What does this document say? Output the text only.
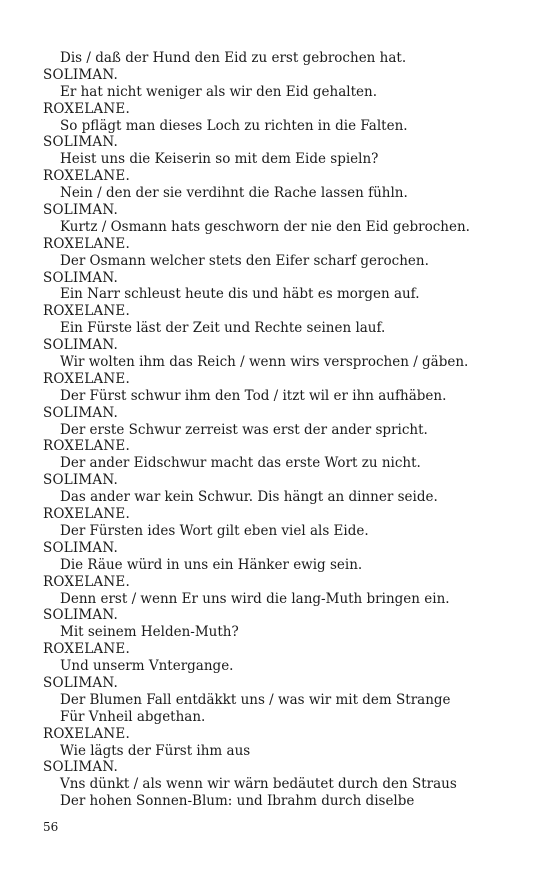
Dis / daß der Hund den Eid zu erst gebrochen hat.
SOLIMAN.
Er hat nicht weniger als wir den Eid gehalten.
ROXELANE.
So pflägt man dieses Loch zu richten in die Falten.
SOLIMAN.
Heist uns die Keiserin so mit dem Eide spieln?
ROXELANE.
Nein / den der sie verdihnt die Rache lassen fühln.
SOLIMAN.
Kurtz / Osmann hats geschworn der nie den Eid gebrochen.
ROXELANE.
Der Osmann welcher stets den Eifer scharf gerochen.
SOLIMAN.
Ein Narr schleust heute dis und häbt es morgen auf.
ROXELANE.
Ein Fürste läst der Zeit und Rechte seinen lauf.
SOLIMAN.
Wir wolten ihm das Reich / wenn wirs versprochen / gäben.
ROXELANE.
Der Fürst schwur ihm den Tod / itzt wil er ihn aufhäben.
SOLIMAN.
Der erste Schwur zerreist was erst der ander spricht.
ROXELANE.
Der ander Eidschwur macht das erste Wort zu nicht.
SOLIMAN.
Das ander war kein Schwur. Dis hängt an dinner seide.
ROXELANE.
Der Fürsten ides Wort gilt eben viel als Eide.
SOLIMAN.
Die Räue würd in uns ein Hänker ewig sein.
ROXELANE.
Denn erst / wenn Er uns wird die lang-Muth bringen ein.
SOLIMAN.
Mit seinem Helden-Muth?
ROXELANE.
Und unserm Vntergange.
SOLIMAN.
Der Blumen Fall entdäkkt uns / was wir mit dem Strange
Für Vnheil abgethan.
ROXELANE.
Wie lägts der Fürst ihm aus
SOLIMAN.
Vns dünkt / als wenn wir wärn bedäutet durch den Straus
Der hohen Sonnen-Blum: und Ibrahm durch diselbe
56
